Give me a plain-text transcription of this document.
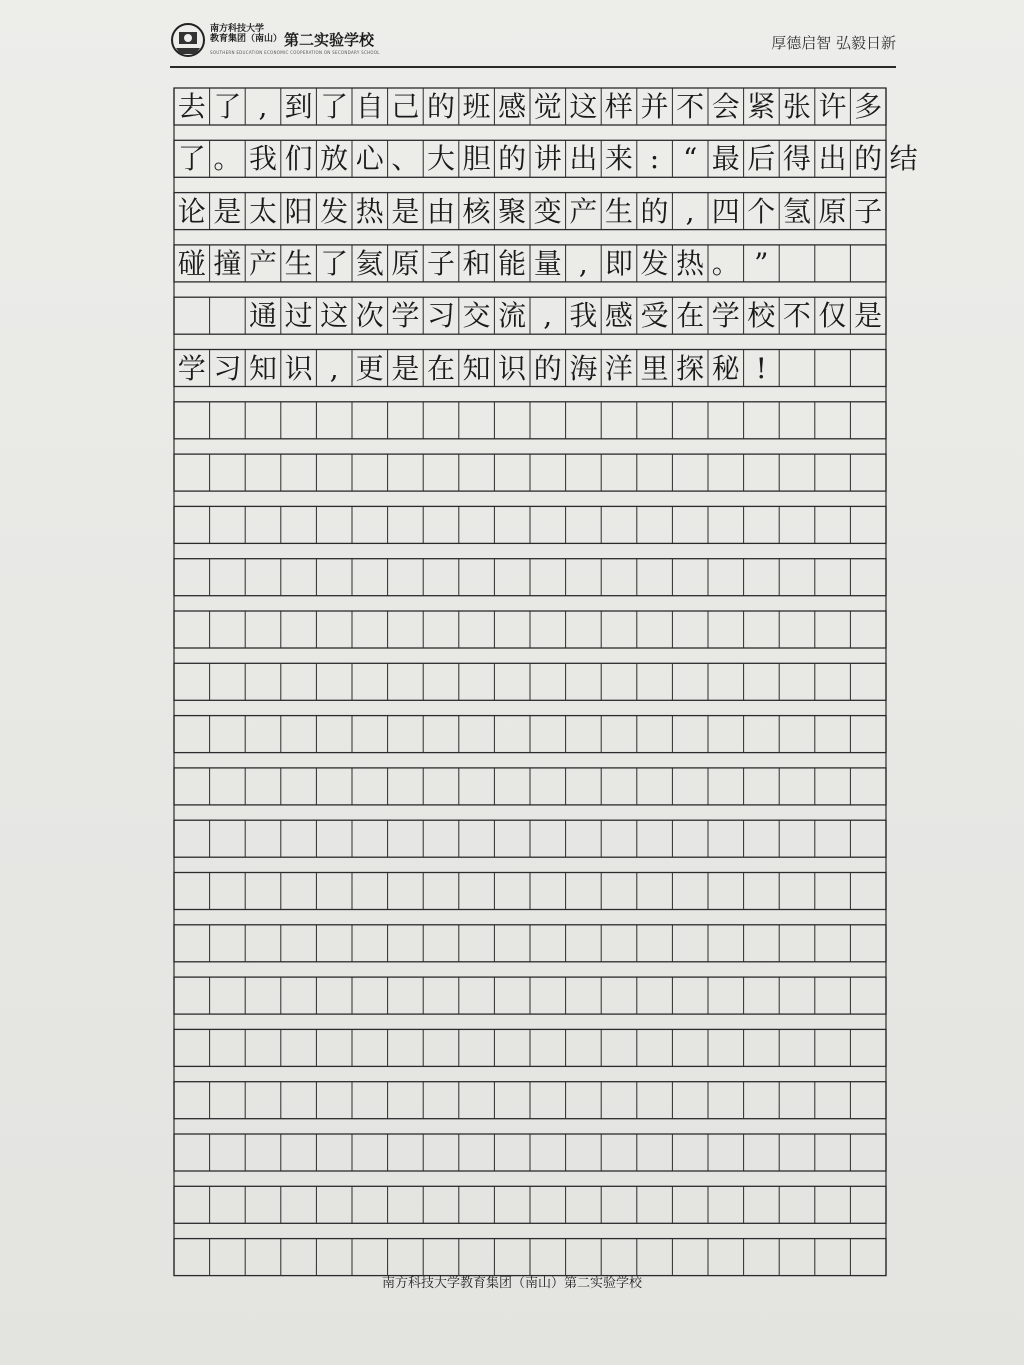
南方科技大学
教育集团（南山）
SOUTHERN EDUCATION ECONOMIC COOPERATION ON SECONDARY SCHOOL
第二实验学校	厚德启智 弘毅日新

去 了 , 到 了 自 己 的 班 感 觉 这 样 并 不 会 紧 张 许 多
了 。 我 们 放 心 、 大 胆 的 讲 出 来 : “ 最 后 得 出 的 结
论 是 太 阳 发 热 是 由 核 聚 变 产 生 的 , 四 个 氢 原 子
碰 撞 产 生 了 氦 原 子 和 能 量 , 即 发 热 。 ”
通 过 这 次 学 习 交 流 , 我 感 受 在 学 校 不 仅 是
学 习 知 识 , 更 是 在 知 识 的 海 洋 里 探 秘 !
南方科技大学教育集团（南山）第二实验学校
